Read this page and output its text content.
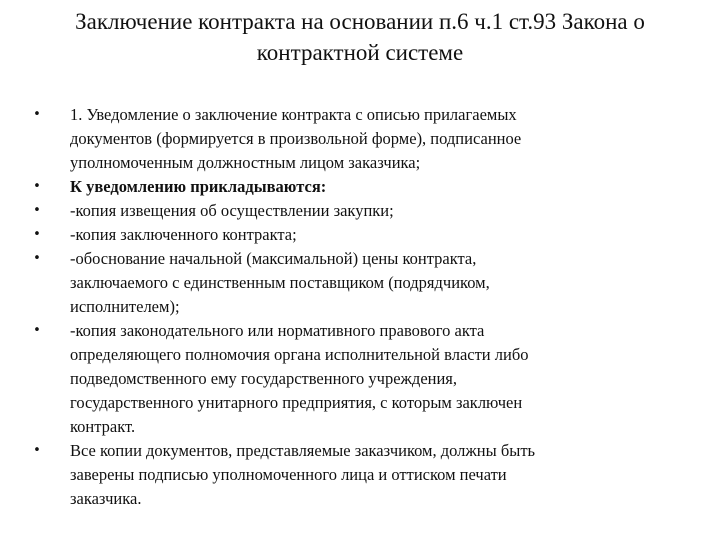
Заключение контракта на основании п.6 ч.1 ст.93 Закона о
контрактной системе
• 1. Уведомление о заключение контракта с описью прилагаемых
документов (формируется в произвольной форме), подписанное
уполномоченным должностным лицом заказчика;
• К уведомлению прикладываются:
• -копия извещения об осуществлении закупки;
• -копия заключенного контракта;
• -обоснование начальной (максимальной) цены контракта,
заключаемого с единственным поставщиком (подрядчиком,
исполнителем);
• -копия законодательного или нормативного правового акта
определяющего полномочия органа исполнительной власти либо
подведомственного ему государственного учреждения,
государственного унитарного предприятия, с которым заключен
контракт.
• Все копии документов, представляемые заказчиком, должны быть
заверены подписью уполномоченного лица и оттиском печати
заказчика.
